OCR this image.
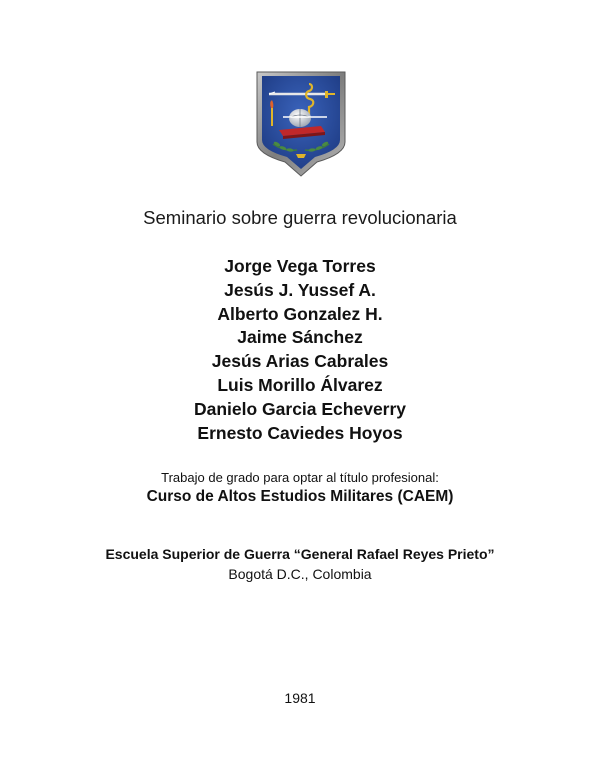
Seminario sobre guerra revolucionaria
Jorge Vega Torres
Jesús J. Yussef A.
Alberto Gonzalez H.
Jaime Sánchez
Jesús Arias Cabrales
Luis Morillo Álvarez
Danielo Garcia Echeverry
Ernesto Caviedes Hoyos
Trabajo de grado para optar al título profesional:
Curso de Altos Estudios Militares (CAEM)
Escuela Superior de Guerra “General Rafael Reyes Prieto”
Bogotá D.C., Colombia
1981
